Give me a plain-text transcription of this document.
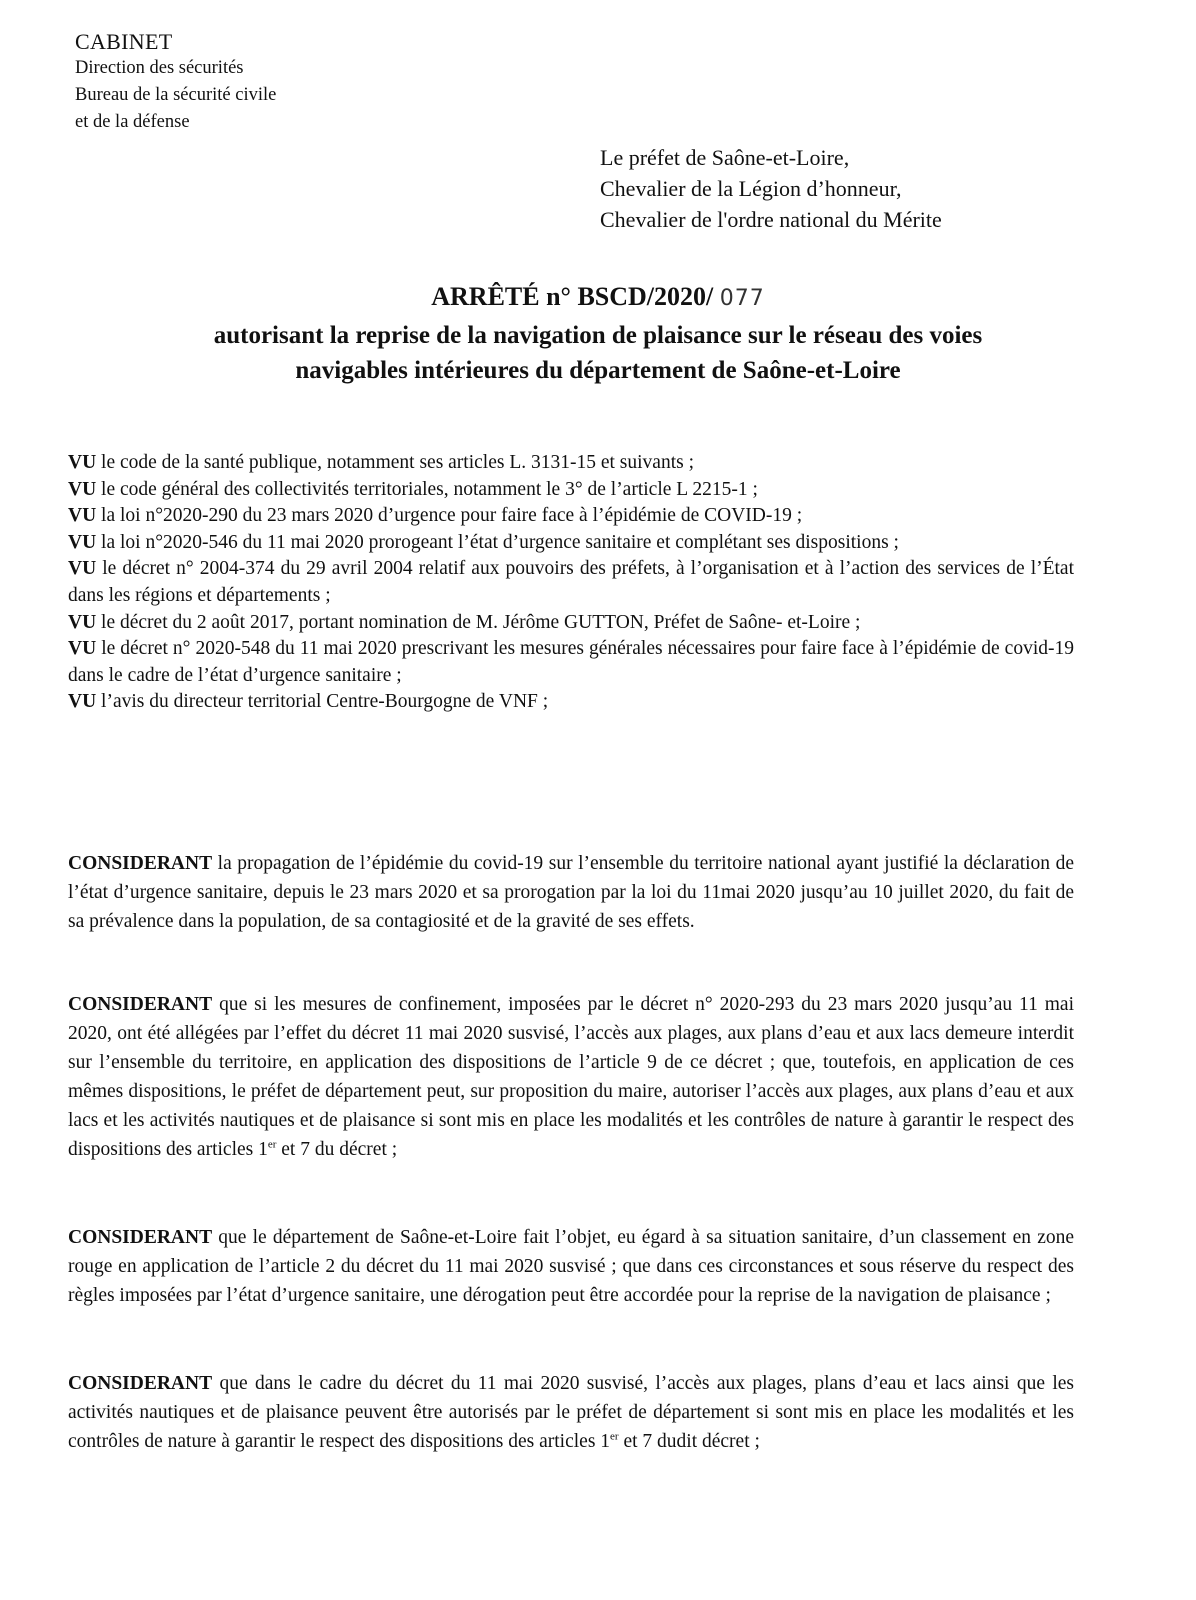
CABINET
Direction des sécurités
Bureau de la sécurité civile
et de la défense
Le préfet de Saône-et-Loire,
Chevalier de la Légion d’honneur,
Chevalier de l'ordre national du Mérite
ARRÊTÉ n° BSCD/2020/ 077
autorisant la reprise de la navigation de plaisance sur le réseau des voies
navigables intérieures du département de Saône-et-Loire

VU le code de la santé publique, notamment ses articles L. 3131-15 et suivants ;

VU le code général des collectivités territoriales, notamment le 3° de l’article L 2215-1 ;

VU la loi n°2020-290 du 23 mars 2020 d’urgence pour faire face à l’épidémie de COVID-19 ;

VU la loi n°2020-546 du 11 mai 2020 prorogeant l’état d’urgence sanitaire et complétant ses dispositions ;

VU le décret n° 2004-374 du 29 avril 2004 relatif aux pouvoirs des préfets, à l’organisation et à l’action des services de l’État dans les régions et départements ;

VU le décret du 2 août 2017, portant nomination de M. Jérôme GUTTON, Préfet de Saône- et-Loire ;

VU le décret n° 2020-548 du 11 mai 2020 prescrivant les mesures générales nécessaires pour faire face à l’épidémie de covid-19 dans le cadre de l’état d’urgence sanitaire ;

VU l’avis du directeur territorial Centre-Bourgogne de VNF ;

CONSIDERANT la propagation de l’épidémie du covid-19 sur l’ensemble du territoire national ayant justifié la déclaration de l’état d’urgence sanitaire, depuis le 23 mars 2020 et sa prorogation par la loi du 11mai 2020 jusqu’au 10 juillet 2020, du fait de sa prévalence dans la population, de sa contagiosité et de la gravité de ses effets.

CONSIDERANT que si les mesures de confinement, imposées par le décret n° 2020-293 du 23 mars 2020 jusqu’au 11 mai 2020, ont été allégées par l’effet du décret 11 mai 2020 susvisé, l’accès aux plages, aux plans d’eau et aux lacs demeure interdit sur l’ensemble du territoire, en application des dispositions de l’article 9 de ce décret ; que, toutefois, en application de ces mêmes dispositions, le préfet de département peut, sur proposition du maire, autoriser l’accès aux plages, aux plans d’eau et aux lacs et les activités nautiques et de plaisance si sont mis en place les modalités et les contrôles de nature à garantir le respect des dispositions des articles 1er et 7 du décret ;

CONSIDERANT que le département de Saône-et-Loire fait l’objet, eu égard à sa situation sanitaire, d’un classement en zone rouge en application de l’article 2 du décret du 11 mai 2020 susvisé ; que dans ces circonstances et sous réserve du respect des règles imposées par l’état d’urgence sanitaire, une dérogation peut être accordée pour la reprise de la navigation de plaisance ;

CONSIDERANT que dans le cadre du décret du 11 mai 2020 susvisé, l’accès aux plages, plans d’eau et lacs ainsi que les activités nautiques et de plaisance peuvent être autorisés par le préfet de département si sont mis en place les modalités et les contrôles de nature à garantir le respect des dispositions des articles 1er et 7 dudit décret ;
